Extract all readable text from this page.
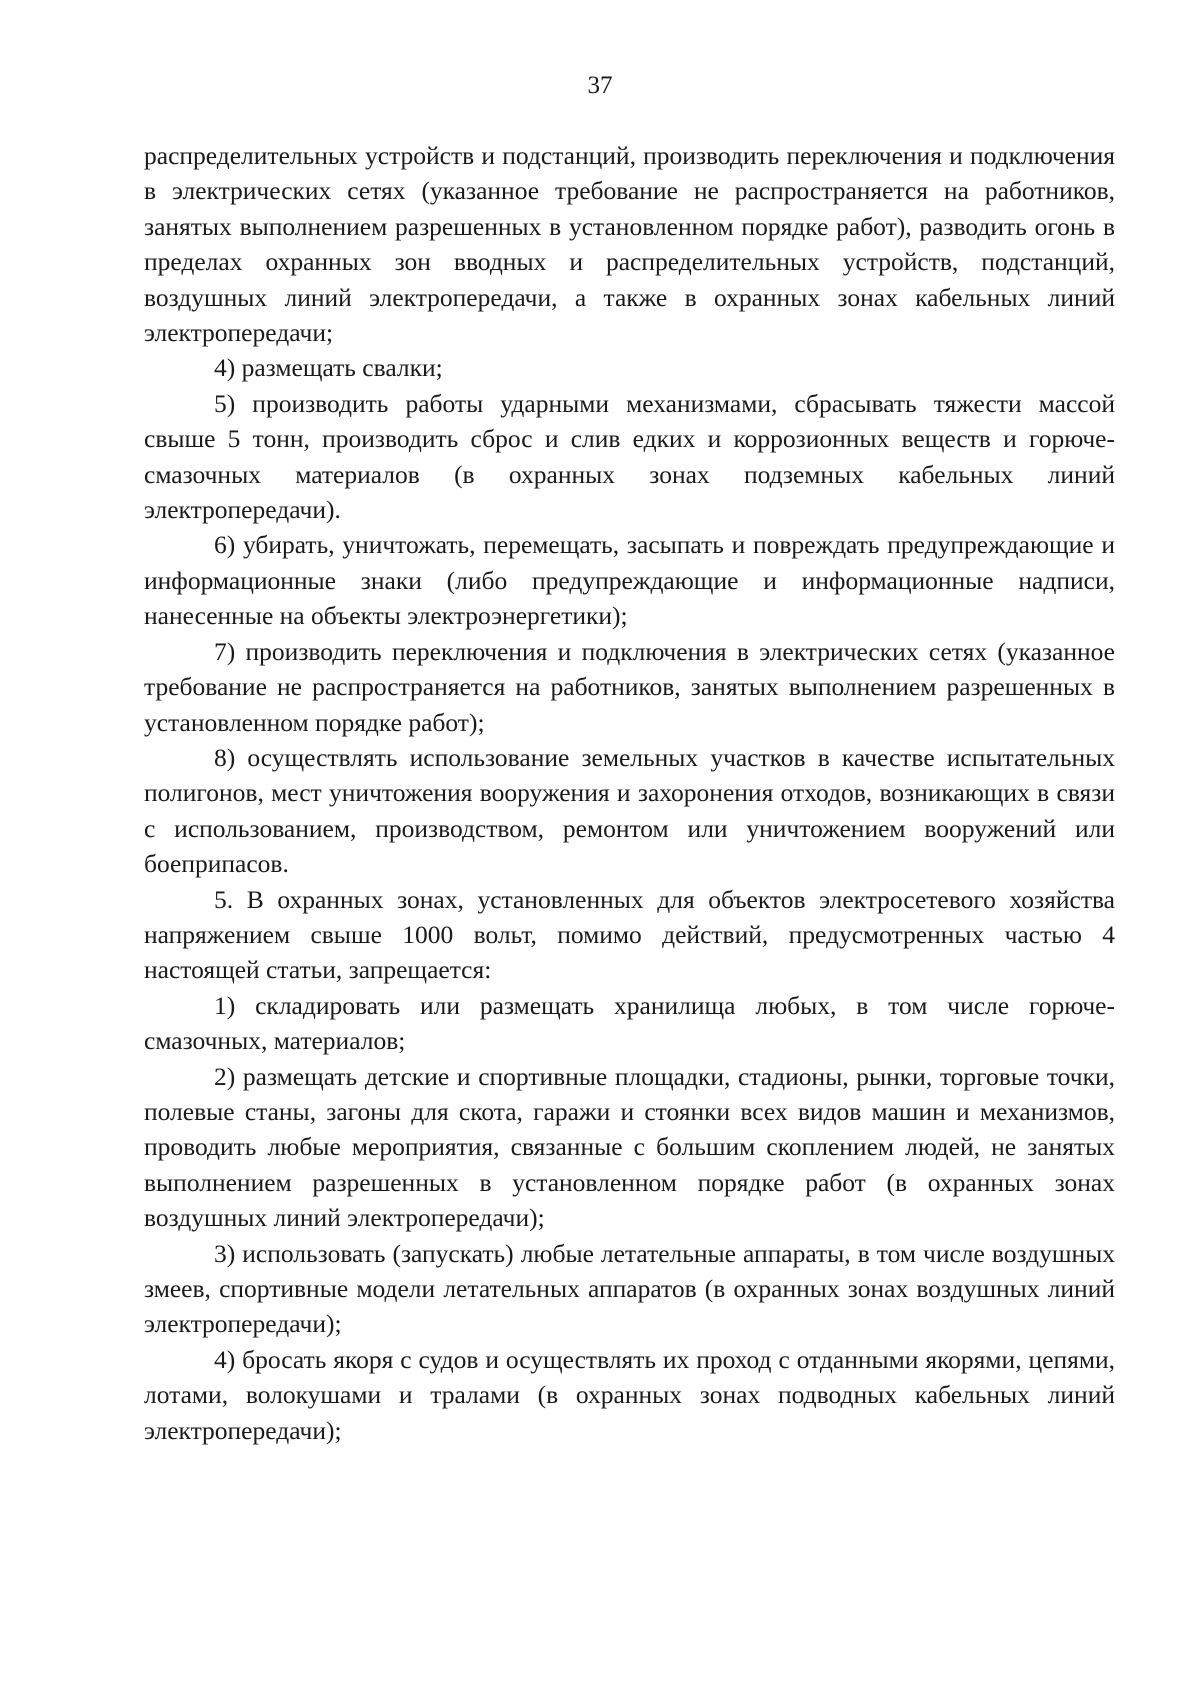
37

распределительных устройств и подстанций, производить переключения и подключения в электрических сетях (указанное требование не распространяется на работников, занятых выполнением разрешенных в установленном порядке работ), разводить огонь в пределах охранных зон вводных и распределительных устройств, подстанций, воздушных линий электропередачи, а также в охранных зонах кабельных линий электропередачи;

4) размещать свалки;

5) производить работы ударными механизмами, сбрасывать тяжести массой свыше 5 тонн, производить сброс и слив едких и коррозионных веществ и горюче-смазочных материалов (в охранных зонах подземных кабельных линий электропередачи).

6) убирать, уничтожать, перемещать, засыпать и повреждать предупреждающие и информационные знаки (либо предупреждающие и информационные надписи, нанесенные на объекты электроэнергетики);

7) производить переключения и подключения в электрических сетях (указанное требование не распространяется на работников, занятых выполнением разрешенных в установленном порядке работ);

8) осуществлять использование земельных участков в качестве испытательных полигонов, мест уничтожения вооружения и захоронения отходов, возникающих в связи с использованием, производством, ремонтом или уничтожением вооружений или боеприпасов.

5. В охранных зонах, установленных для объектов электросетевого хозяйства напряжением свыше 1000 вольт, помимо действий, предусмотренных частью 4 настоящей статьи, запрещается:

1) складировать или размещать хранилища любых, в том числе горюче-смазочных, материалов;

2) размещать детские и спортивные площадки, стадионы, рынки, торговые точки, полевые станы, загоны для скота, гаражи и стоянки всех видов машин и механизмов, проводить любые мероприятия, связанные с большим скоплением людей, не занятых выполнением разрешенных в установленном порядке работ (в охранных зонах воздушных линий электропередачи);

3) использовать (запускать) любые летательные аппараты, в том числе воздушных змеев, спортивные модели летательных аппаратов (в охранных зонах воздушных линий электропередачи);

4) бросать якоря с судов и осуществлять их проход с отданными якорями, цепями, лотами, волокушами и тралами (в охранных зонах подводных кабельных линий электропередачи);
